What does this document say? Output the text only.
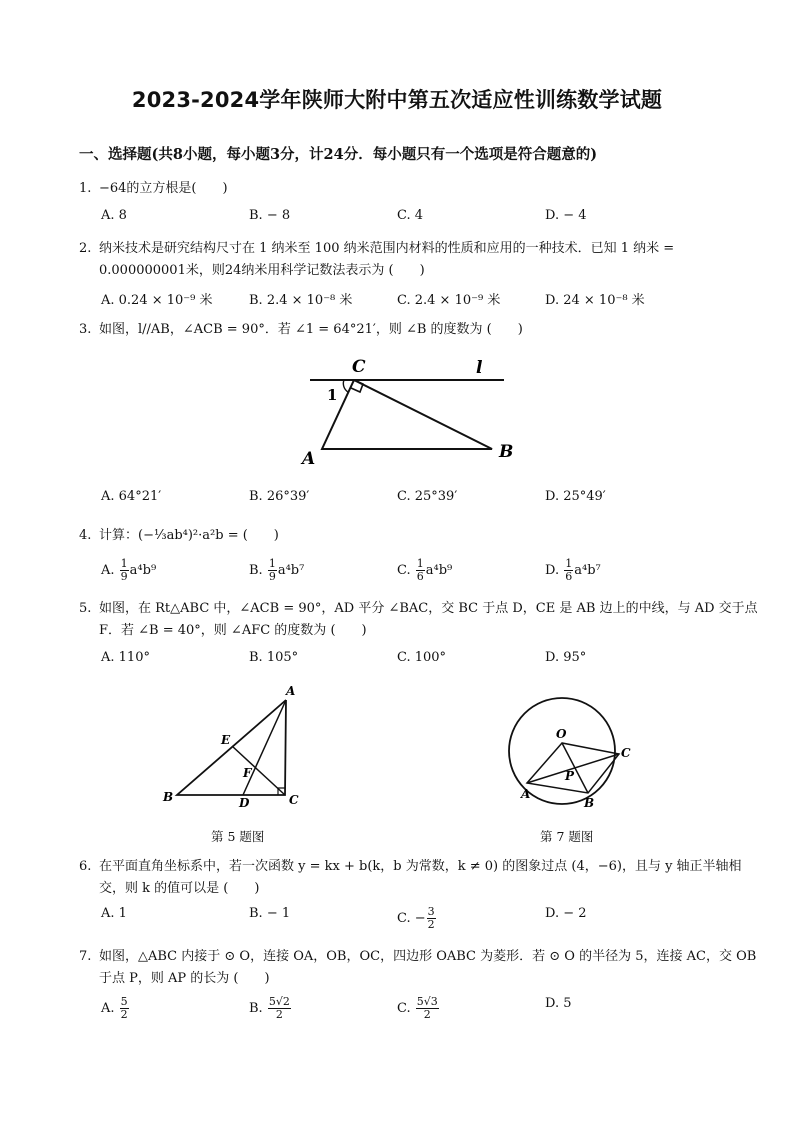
2023-2024学年陕师大附中第五次适应性训练数学试题
一、选择题(共8小题，每小题3分，计24分．每小题只有一个选项是符合题意的)
1. −64的立方根是(　　)
A. 8	B. − 8	C. 4	D. − 4
2. 纳米技术是研究结构尺寸在 1 纳米至 100 纳米范围内材料的性质和应用的一种技术．已知 1 纳米 =
0.000000001米，则24纳米用科学记数法表示为 (　　)
A. 0.24 × 10⁻⁹ 米	B. 2.4 × 10⁻⁸ 米	C. 2.4 × 10⁻⁹ 米	D. 24 × 10⁻⁸ 米
3. 如图，l//AB，∠ACB = 90°．若 ∠1 = 64°21′，则 ∠B 的度数为 (　　)
C	l
1
A	B
A. 64°21′	B. 26°39′	C. 25°39′	D. 25°49′
4. 计算：(−⅓ab⁴)²·a²b = (　　)
A. $\frac{1}{9} a^4b^9$	B. $\frac{1}{9} a^4b^7$	C. $\frac{1}{6} a^4b^9$	D. $\frac{1}{6} a^4b^7$
5. 如图，在 Rt△ABC 中，∠ACB = 90°，AD 平分 ∠BAC，交 BC 于点 D，CE 是 AB 边上的中线，与 AD 交于点
F．若 ∠B = 40°，则 ∠AFC 的度数为 (　　)
A. 110°	B. 105°	C. 100°	D. 95°
A
E
F
B	D	C
第 5 题图
O
C
P
A
B
第 7 题图
6. 在平面直角坐标系中，若一次函数 y = kx + b(k，b 为常数，k ≠ 0) 的图象过点 (4，−6)，且与 y 轴正半轴相
交，则 k 的值可以是 (　　)
A. 1	B. − 1	C. − $\frac{3}{2}$	D. − 2
7. 如图，△ABC 内接于 ⊙ O，连接 OA，OB，OC，四边形 OABC 为菱形．若 ⊙ O 的半径为 5，连接 AC，交 OB
于点 P，则 AP 的长为 (　　)
A. $\frac{5}{2}$	B. $\frac{5√2}{2}$	C. $\frac{5√3}{2}$	D. 5
